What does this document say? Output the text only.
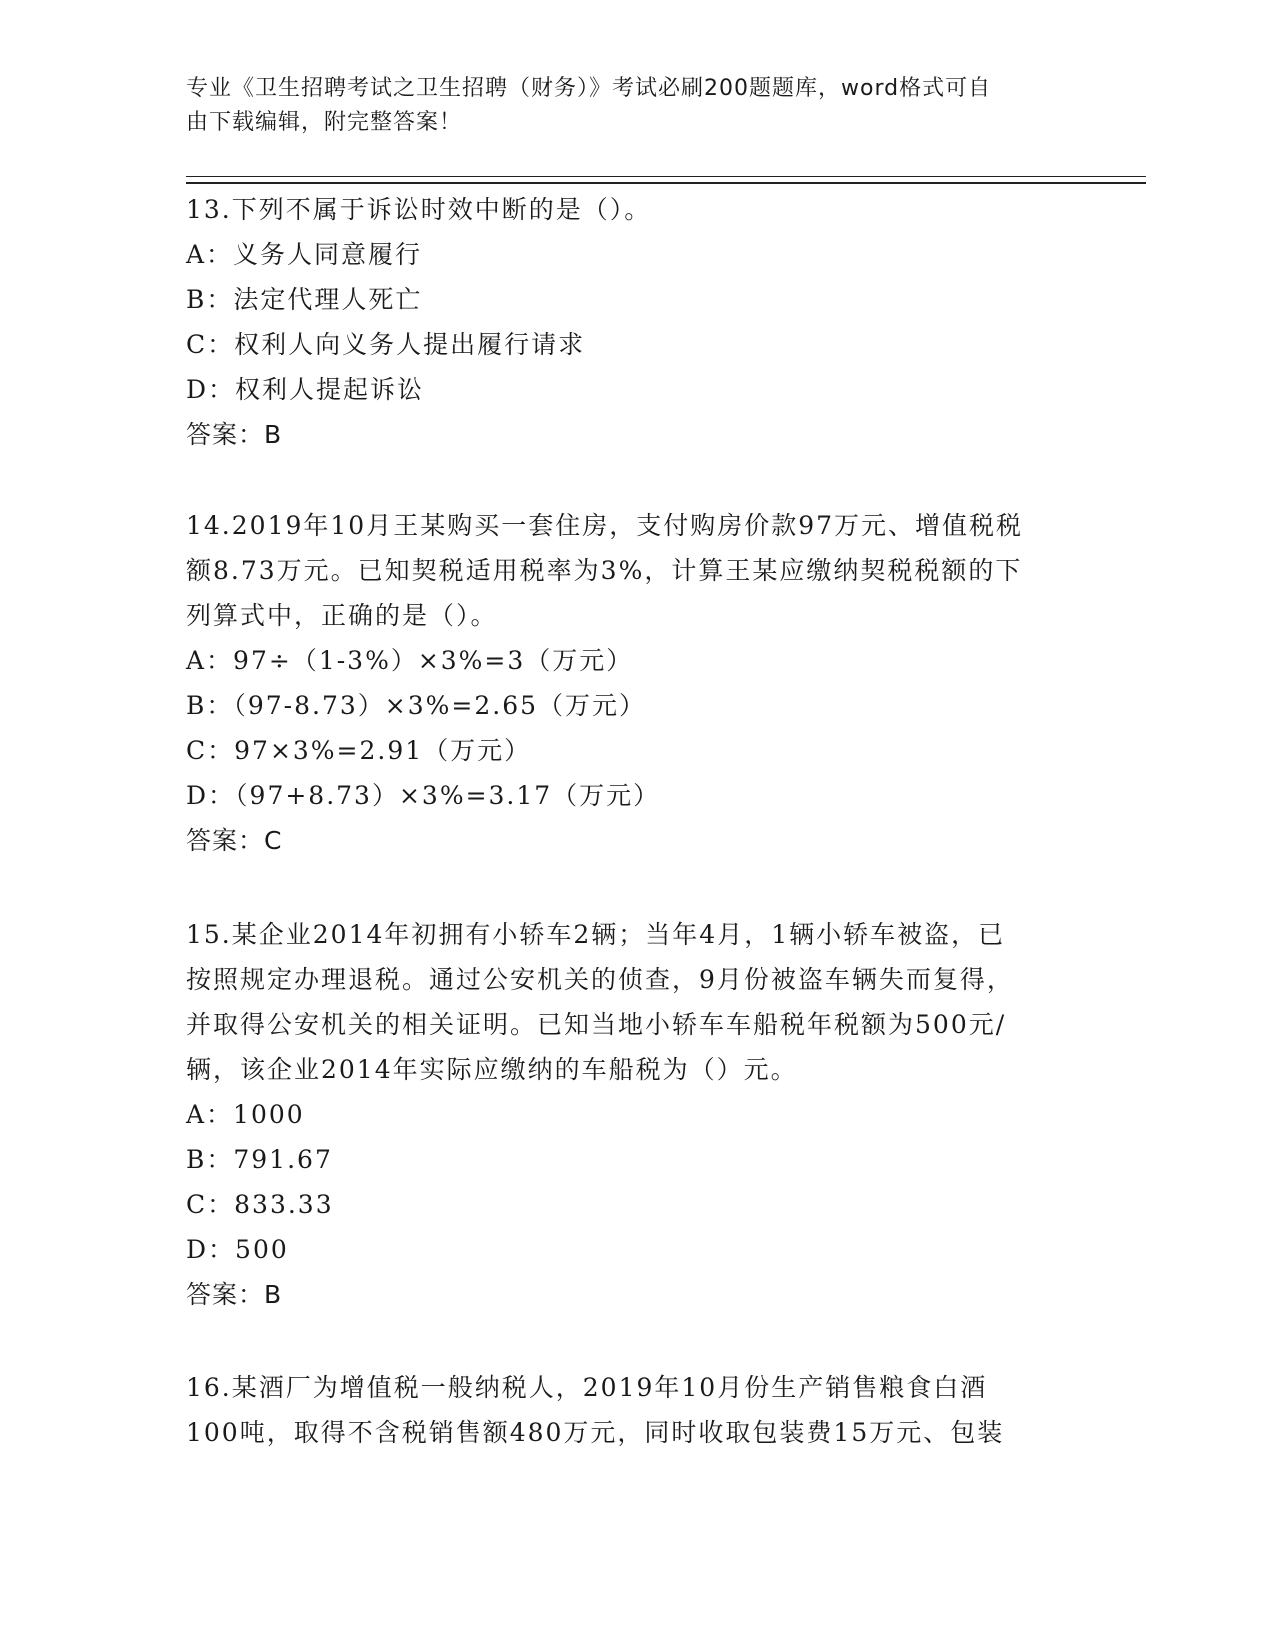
专业《卫生招聘考试之卫生招聘（财务）》考试必刷200题题库，word格式可自
由下载编辑，附完整答案！

13.下列不属于诉讼时效中断的是（）。

A：义务人同意履行

B：法定代理人死亡

C：权利人向义务人提出履行请求

D：权利人提起诉讼

答案：B

14.2019年10月王某购买一套住房，支付购房价款97万元、增值税税

额8.73万元。已知契税适用税率为3%，计算王某应缴纳契税税额的下

列算式中，正确的是（）。

A：97÷（1-3%）×3%=3（万元）

B：（97-8.73）×3%=2.65（万元）

C：97×3%=2.91（万元）

D：（97+8.73）×3%=3.17（万元）

答案：C

15.某企业2014年初拥有小轿车2辆；当年4月，1辆小轿车被盗，已

按照规定办理退税。通过公安机关的侦查，9月份被盗车辆失而复得，

并取得公安机关的相关证明。已知当地小轿车车船税年税额为500元/

辆，该企业2014年实际应缴纳的车船税为（）元。

A：1000

B：791.67

C：833.33

D：500

答案：B

16.某酒厂为增值税一般纳税人，2019年10月份生产销售粮食白酒

100吨，取得不含税销售额480万元，同时收取包装费15万元、包装
